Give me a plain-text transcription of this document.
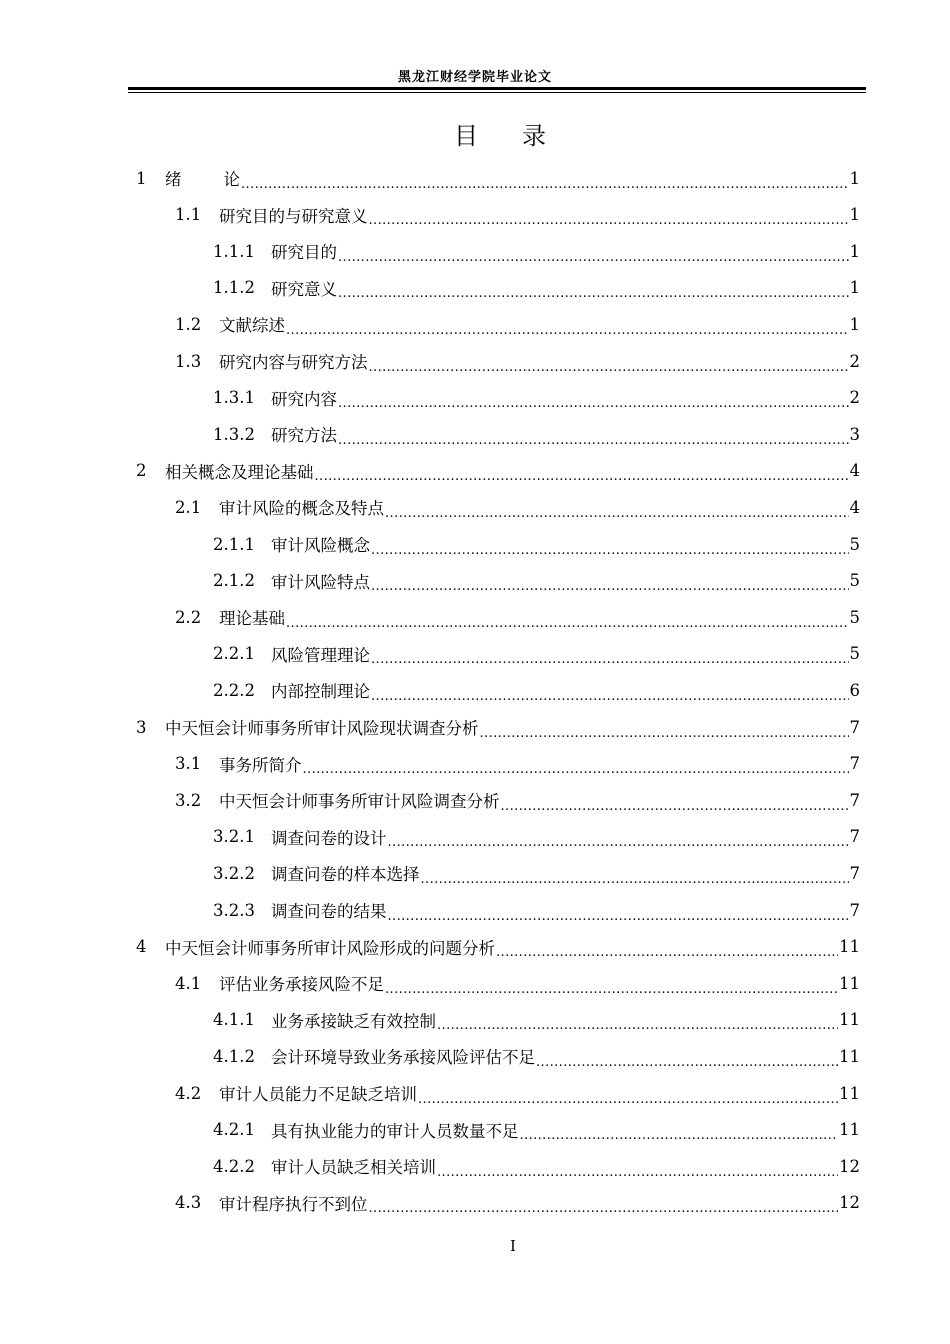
黑龙江财经学院毕业论文
目 录
1	绪        论 .....	1
1.1	研究目的与研究意义 .....	1
1.1.1 研究目的 .....	1
1.1.2 研究意义 .....	1
1.2	文献综述 .....	1
1.3	研究内容与研究方法 .....	2
1.3.1 研究内容 .....	2
1.3.2 研究方法 .....	3
2	相关概念及理论基础 .....	4
2.1	审计风险的概念及特点 .....	4
2.1.1 审计风险概念 .....	5
2.1.2 审计风险特点 .....	5
2.2	理论基础 .....	5
2.2.1 风险管理理论 .....	5
2.2.2 内部控制理论 .....	6
3	中天恒会计师事务所审计风险现状调查分析 .....	7
3.1	事务所简介 .....	7
3.2	中天恒会计师事务所审计风险调查分析 .....	7
3.2.1 调查问卷的设计 .....	7
3.2.2 调查问卷的样本选择 .....	7
3.2.3 调查问卷的结果 .....	7
4	中天恒会计师事务所审计风险形成的问题分析 .....	11
4.1	评估业务承接风险不足 .....	11
4.1.1 业务承接缺乏有效控制 .....	11
4.1.2 会计环境导致业务承接风险评估不足 .....	11
4.2	审计人员能力不足缺乏培训 .....	11
4.2.1 具有执业能力的审计人员数量不足 .....	11
4.2.2 审计人员缺乏相关培训 .....	12
4.3	审计程序执行不到位 .....	12
I
